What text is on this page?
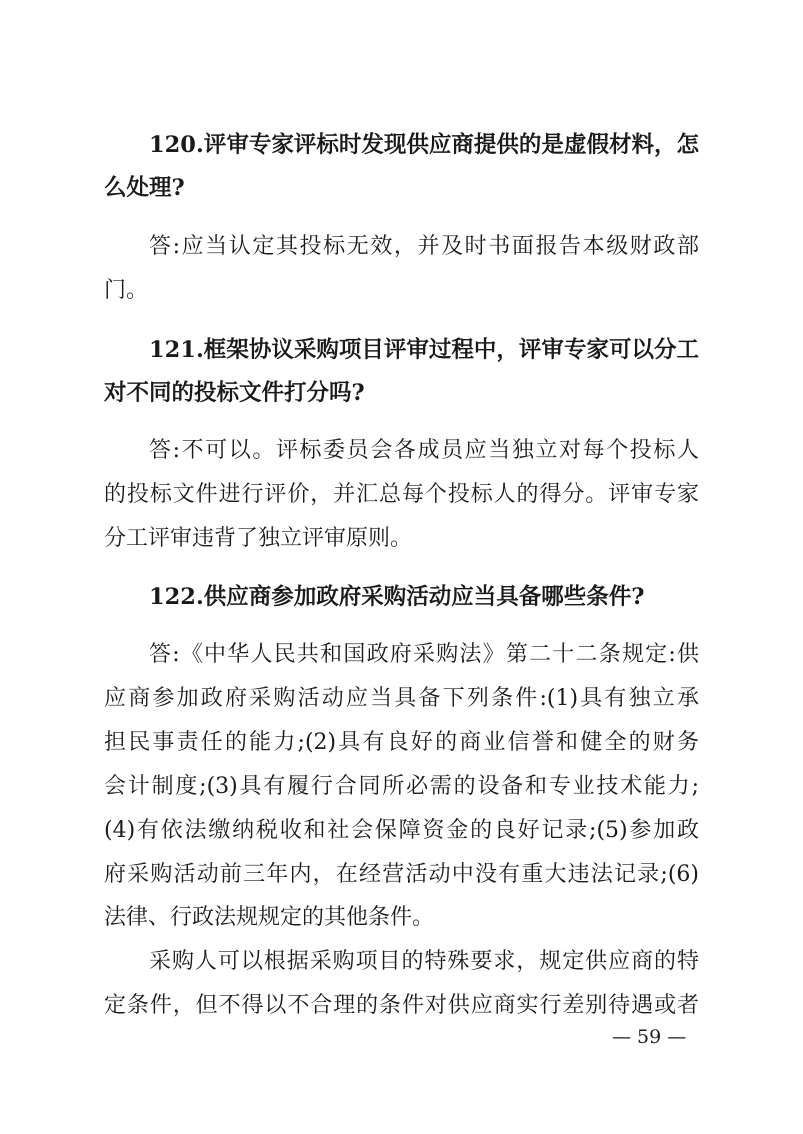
120.评审专家评标时发现供应商提供的是虚假材料，怎
么处理?
答:应当认定其投标无效，并及时书面报告本级财政部
门。
121.框架协议采购项目评审过程中，评审专家可以分工
对不同的投标文件打分吗?
答:不可以。评标委员会各成员应当独立对每个投标人
的投标文件进行评价，并汇总每个投标人的得分。评审专家
分工评审违背了独立评审原则。
122.供应商参加政府采购活动应当具备哪些条件?
答:《中华人民共和国政府采购法》第二十二条规定:供
应商参加政府采购活动应当具备下列条件:(1)具有独立承
担民事责任的能力;(2)具有良好的商业信誉和健全的财务
会计制度;(3)具有履行合同所必需的设备和专业技术能力;
(4)有依法缴纳税收和社会保障资金的良好记录;(5)参加政
府采购活动前三年内，在经营活动中没有重大违法记录;(6)
法律、行政法规规定的其他条件。
采购人可以根据采购项目的特殊要求，规定供应商的特
定条件，但不得以不合理的条件对供应商实行差别待遇或者
— 59 —
